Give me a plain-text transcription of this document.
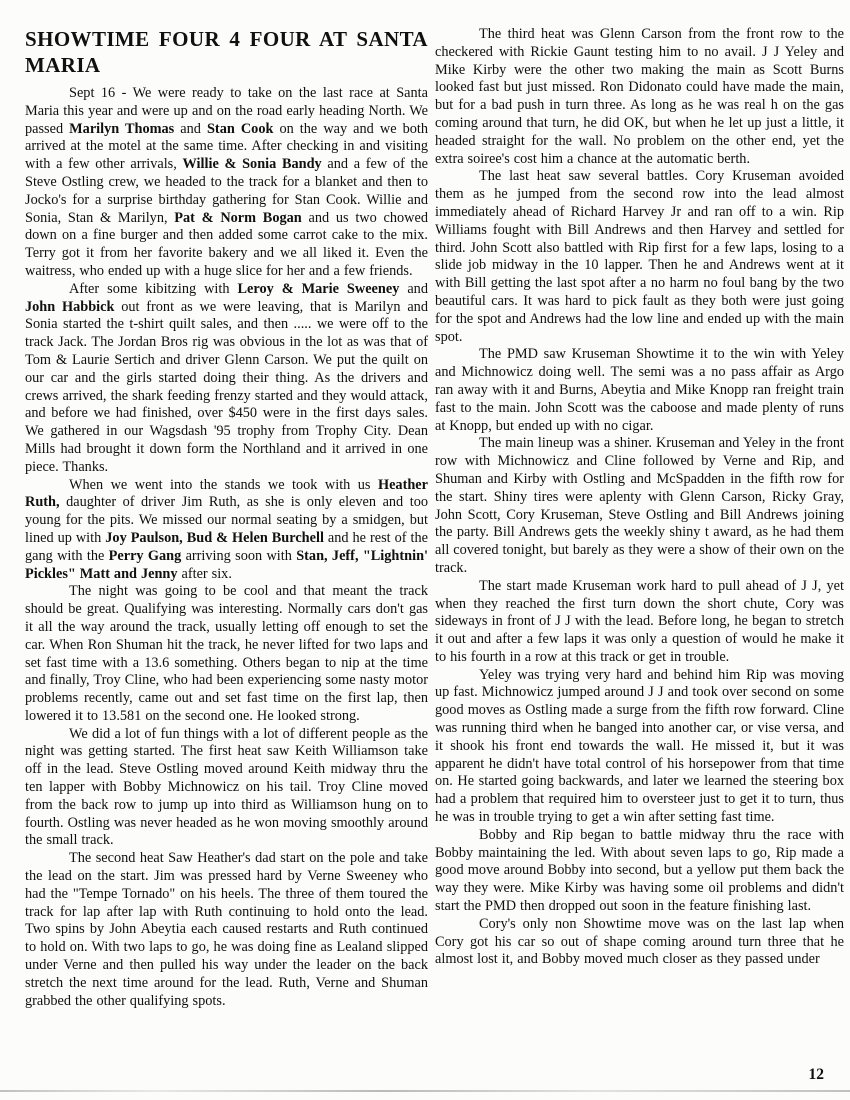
SHOWTIME FOUR 4 FOUR AT SANTA MARIA

Sept 16 - We were ready to take on the last race at Santa Maria this year and were up and on the road early heading North. We passed Marilyn Thomas and Stan Cook on the way and we both arrived at the motel at the same time. After checking in and visiting with a few other arrivals, Willie & Sonia Bandy and a few of the Steve Ostling crew, we headed to the track for a blanket and then to Jocko's for a surprise birthday gathering for Stan Cook. Willie and Sonia, Stan & Marilyn, Pat & Norm Bogan and us two chowed down on a fine burger and then added some carrot cake to the mix. Terry got it from her favorite bakery and we all liked it. Even the waitress, who ended up with a huge slice for her and a few friends.

After some kibitzing with Leroy & Marie Sweeney and John Habbick out front as we were leaving, that is Marilyn and Sonia started the t-shirt quilt sales, and then ..... we were off to the track Jack. The Jordan Bros rig was obvious in the lot as was that of Tom & Laurie Sertich and driver Glenn Carson. We put the quilt on our car and the girls started doing their thing. As the drivers and crews arrived, the shark feeding frenzy started and they would attack, and before we had finished, over $450 were in the first days sales. We gathered in our Wagsdash '95 trophy from Trophy City. Dean Mills had brought it down form the Northland and it arrived in one piece. Thanks.

When we went into the stands we took with us Heather Ruth, daughter of driver Jim Ruth, as she is only eleven and too young for the pits. We missed our normal seating by a smidgen, but lined up with Joy Paulson, Bud & Helen Burchell and he rest of the gang with the Perry Gang arriving soon with Stan, Jeff, "Lightnin' Pickles" Matt and Jenny after six.

The night was going to be cool and that meant the track should be great. Qualifying was interesting. Normally cars don't gas it all the way around the track, usually letting off enough to set the car. When Ron Shuman hit the track, he never lifted for two laps and set fast time with a 13.6 something. Others began to nip at the time and finally, Troy Cline, who had been experiencing some nasty motor problems recently, came out and set fast time on the first lap, then lowered it to 13.581 on the second one. He looked strong.

We did a lot of fun things with a lot of different people as the night was getting started. The first heat saw Keith Williamson take off in the lead. Steve Ostling moved around Keith midway thru the ten lapper with Bobby Michnowicz on his tail. Troy Cline moved from the back row to jump up into third as Williamson hung on to fourth. Ostling was never headed as he won moving smoothly around the small track.

The second heat Saw Heather's dad start on the pole and take the lead on the start. Jim was pressed hard by Verne Sweeney who had the "Tempe Tornado" on his heels. The three of them toured the track for lap after lap with Ruth continuing to hold onto the lead. Two spins by John Abeytia each caused restarts and Ruth continued to hold on. With two laps to go, he was doing fine as Lealand slipped under Verne and then pulled his way under the leader on the back stretch the next time around for the lead. Ruth, Verne and Shuman grabbed the other qualifying spots.

The third heat was Glenn Carson from the front row to the checkered with Rickie Gaunt testing him to no avail. J J Yeley and Mike Kirby were the other two making the main as Scott Burns looked fast but just missed. Ron Didonato could have made the main, but for a bad push in turn three. As long as he was real h on the gas coming around that turn, he did OK, but when he let up just a little, it headed straight for the wall. No problem on the other end, yet the extra soiree's cost him a chance at the automatic berth.

The last heat saw several battles. Cory Kruseman avoided them as he jumped from the second row into the lead almost immediately ahead of Richard Harvey Jr and ran off to a win. Rip Williams fought with Bill Andrews and then Harvey and settled for third. John Scott also battled with Rip first for a few laps, losing to a slide job midway in the 10 lapper. Then he and Andrews went at it with Bill getting the last spot after a no harm no foul bang by the two beautiful cars. It was hard to pick fault as they both were just going for the spot and Andrews had the low line and ended up with the main spot.

The PMD saw Kruseman Showtime it to the win with Yeley and Michnowicz doing well. The semi was a no pass affair as Argo ran away with it and Burns, Abeytia and Mike Knopp ran freight train fast to the main. John Scott was the caboose and made plenty of runs at Knopp, but ended up with no cigar.

The main lineup was a shiner. Kruseman and Yeley in the front row with Michnowicz and Cline followed by Verne and Rip, and Shuman and Kirby with Ostling and McSpadden in the fifth row for the start. Shiny tires were aplenty with Glenn Carson, Ricky Gray, John Scott, Cory Kruseman, Steve Ostling and Bill Andrews joining the party. Bill Andrews gets the weekly shiny t award, as he had them all covered tonight, but barely as they were a show of their own on the track.

The start made Kruseman work hard to pull ahead of J J, yet when they reached the first turn down the short chute, Cory was sideways in front of J J with the lead. Before long, he began to stretch it out and after a few laps it was only a question of would he make it to his fourth in a row at this track or get in trouble.

Yeley was trying very hard and behind him Rip was moving up fast. Michnowicz jumped around J J and took over second on some good moves as Ostling made a surge from the fifth row forward. Cline was running third when he banged into another car, or vise versa, and it shook his front end towards the wall. He missed it, but it was apparent he didn't have total control of his horsepower from that time on. He started going backwards, and later we learned the steering box had a problem that required him to oversteer just to get it to turn, thus he was in trouble trying to get a win after setting fast time.

Bobby and Rip began to battle midway thru the race with Bobby maintaining the led. With about seven laps to go, Rip made a good move around Bobby into second, but a yellow put them back the way they were. Mike Kirby was having some oil problems and didn't start the PMD then dropped out soon in the feature finishing last.

Cory's only non Showtime move was on the last lap when Cory got his car so out of shape coming around turn three that he almost lost it, and Bobby moved much closer as they passed under

12
